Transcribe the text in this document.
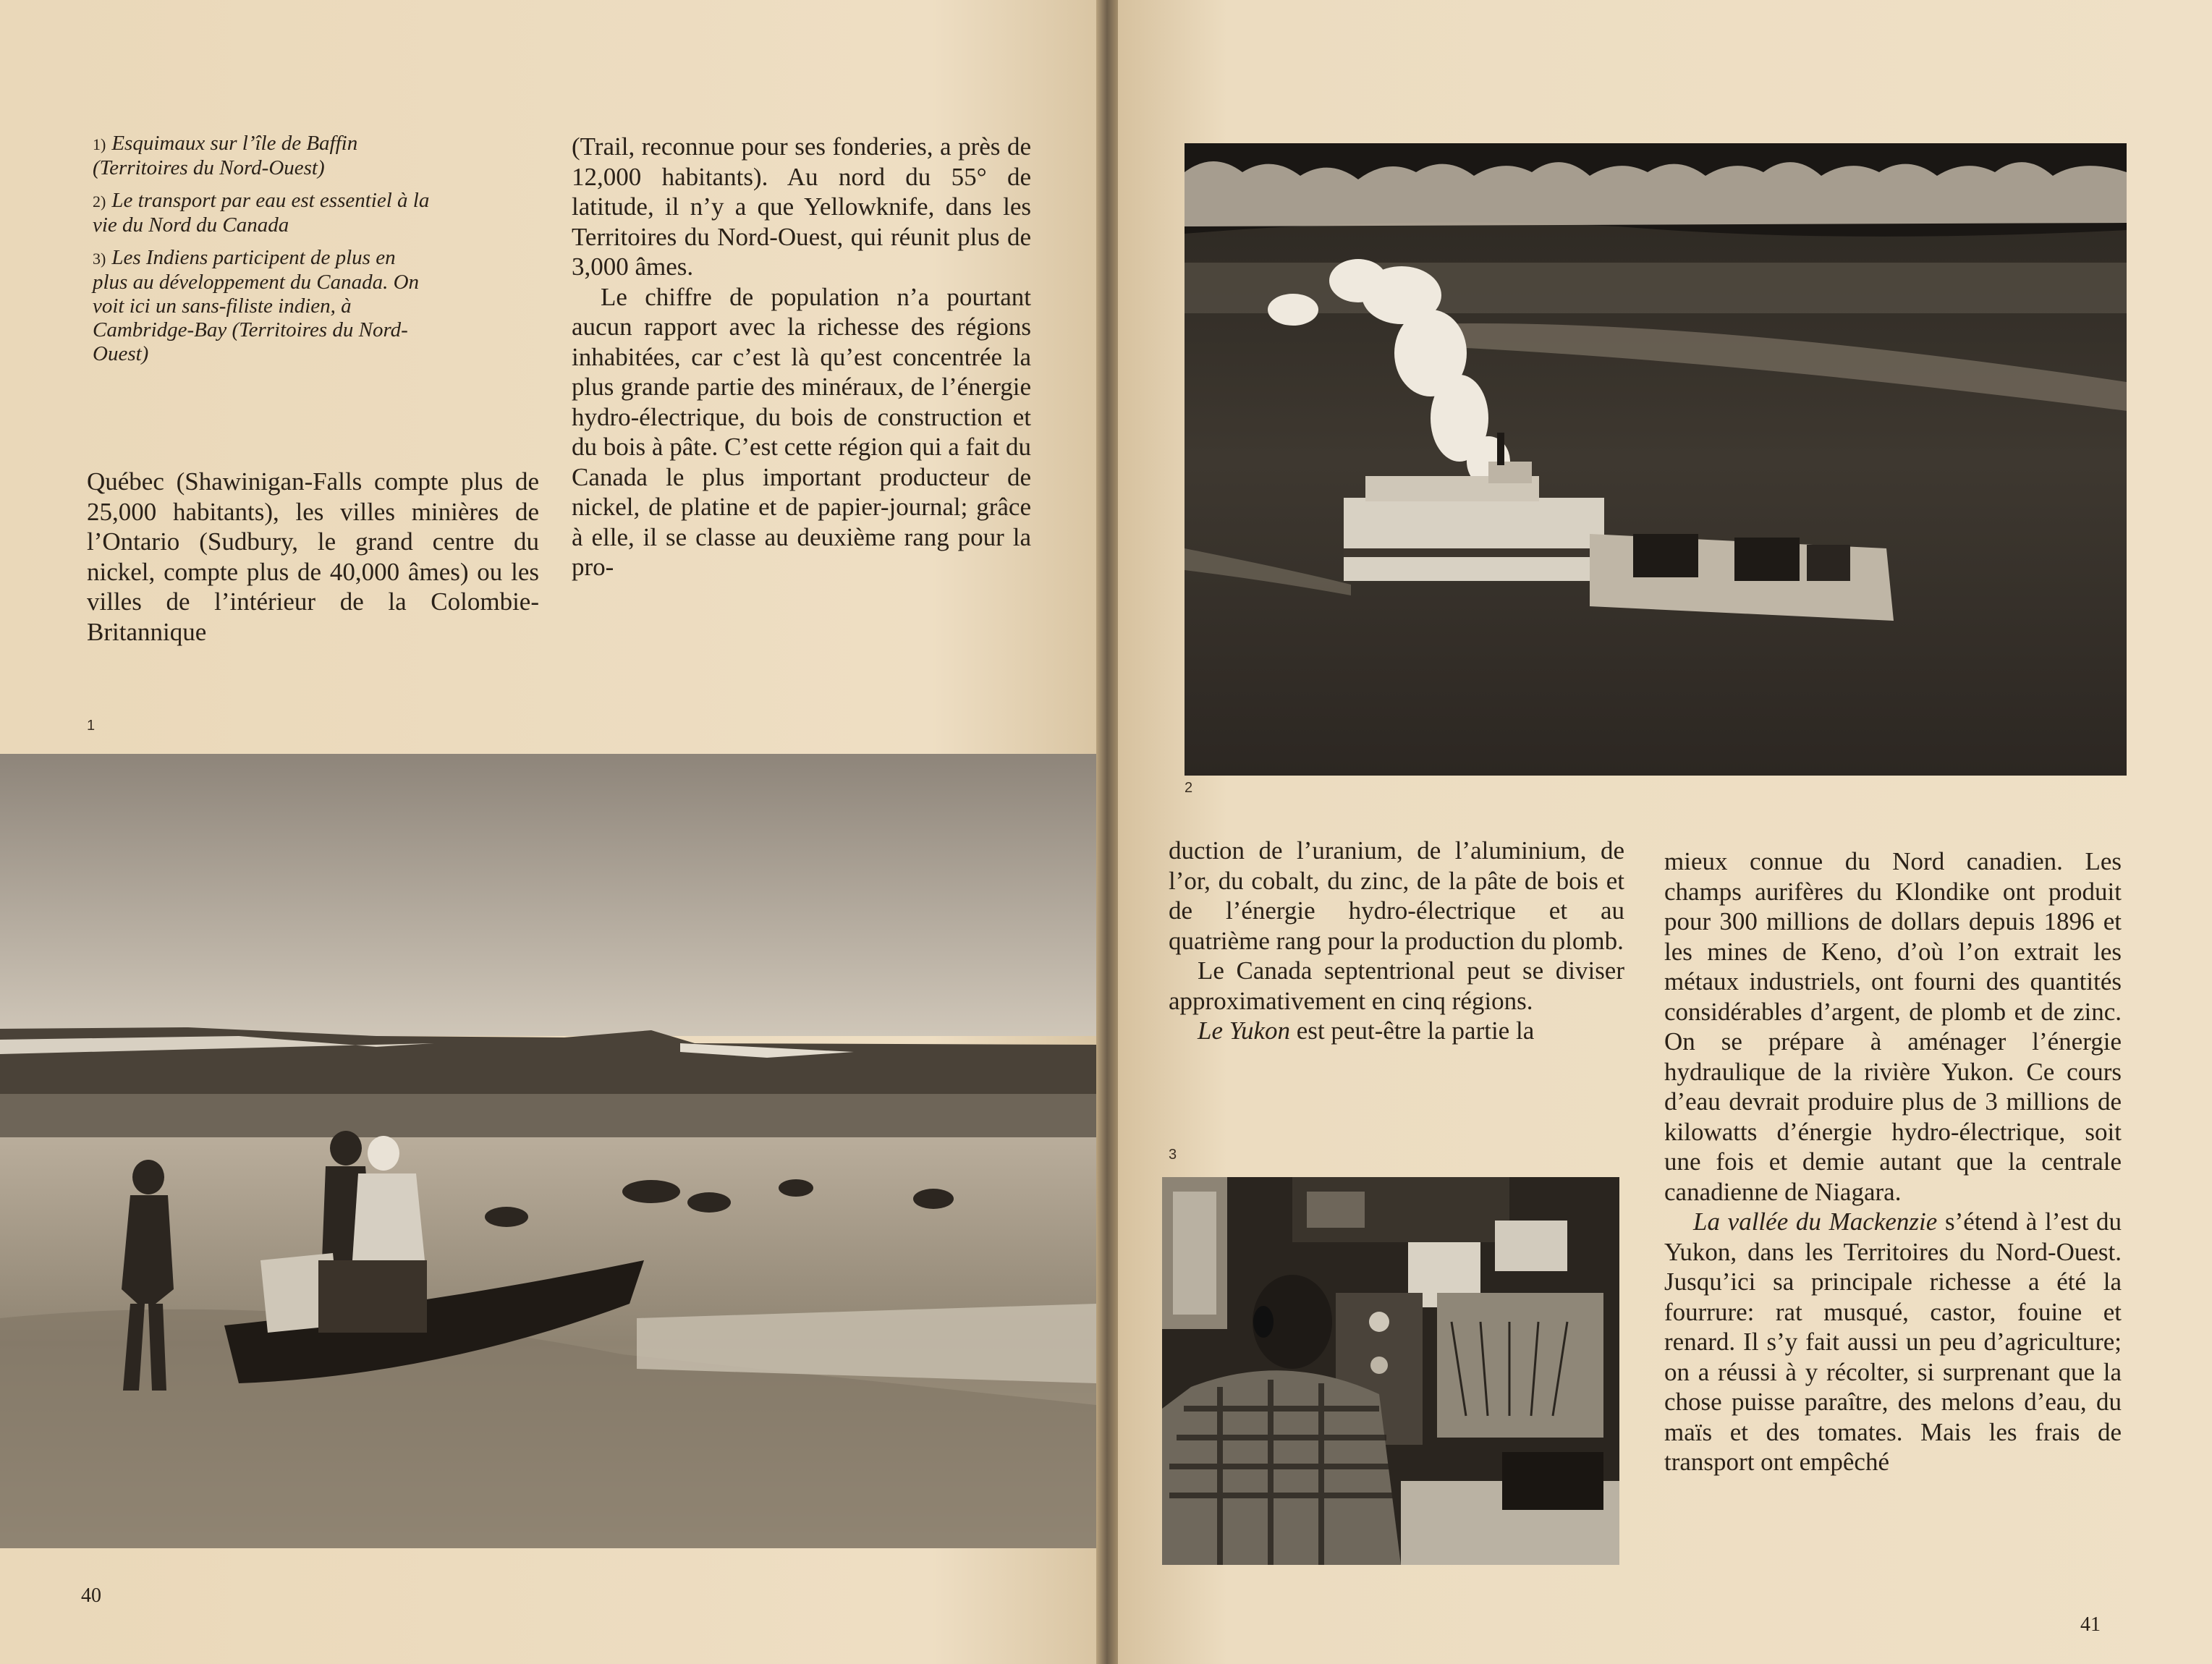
1) Esquimaux sur l’île de Baffin (Territoires du Nord-Ouest)
2) Le transport par eau est essentiel à la vie du Nord du Canada
3) Les Indiens participent de plus en plus au développement du Canada. On voit ici un sans-filiste indien, à Cambridge-Bay (Territoires du Nord-Ouest)

Québec (Shawinigan-Falls compte plus de 25,000 habitants), les villes minières de l’Ontario (Sudbury, le grand centre du nickel, compte plus de 40,000 âmes) ou les villes de l’intérieur de la Colombie-Britannique

(Trail, reconnue pour ses fonderies, a près de 12,000 habitants). Au nord du 55° de latitude, il n’y a que Yellowknife, dans les Territoires du Nord-Ouest, qui réunit plus de 3,000 âmes.

Le chiffre de population n’a pourtant aucun rapport avec la richesse des régions inhabitées, car c’est là qu’est concentrée la plus grande partie des minéraux, de l’énergie hydro-électrique, du bois de construction et du bois à pâte. C’est cette région qui a fait du Canada le plus important producteur de nickel, de platine et de papier-journal; grâce à elle, il se classe au deuxième rang pour la pro-

1
40
2

duction de l’uranium, de l’aluminium, de l’or, du cobalt, du zinc, de la pâte de bois et de l’énergie hydro-électrique et au quatrième rang pour la production du plomb.

Le Canada septentrional peut se diviser approximativement en cinq régions.

Le Yukon est peut-être la partie la

3

mieux connue du Nord canadien. Les champs aurifères du Klondike ont produit pour 300 millions de dollars depuis 1896 et les mines de Keno, d’où l’on extrait les métaux industriels, ont fourni des quantités considérables d’argent, de plomb et de zinc. On se prépare à aménager l’énergie hydraulique de la rivière Yukon. Ce cours d’eau devrait produire plus de 3 millions de kilowatts d’énergie hydro-électrique, soit une fois et demie autant que la centrale canadienne de Niagara.

La vallée du Mackenzie s’étend à l’est du Yukon, dans les Territoires du Nord-Ouest. Jusqu’ici sa principale richesse a été la fourrure: rat musqué, castor, fouine et renard. Il s’y fait aussi un peu d’agriculture; on a réussi à y récolter, si surprenant que la chose puisse paraître, des melons d’eau, du maïs et des tomates. Mais les frais de transport ont empêché

41
